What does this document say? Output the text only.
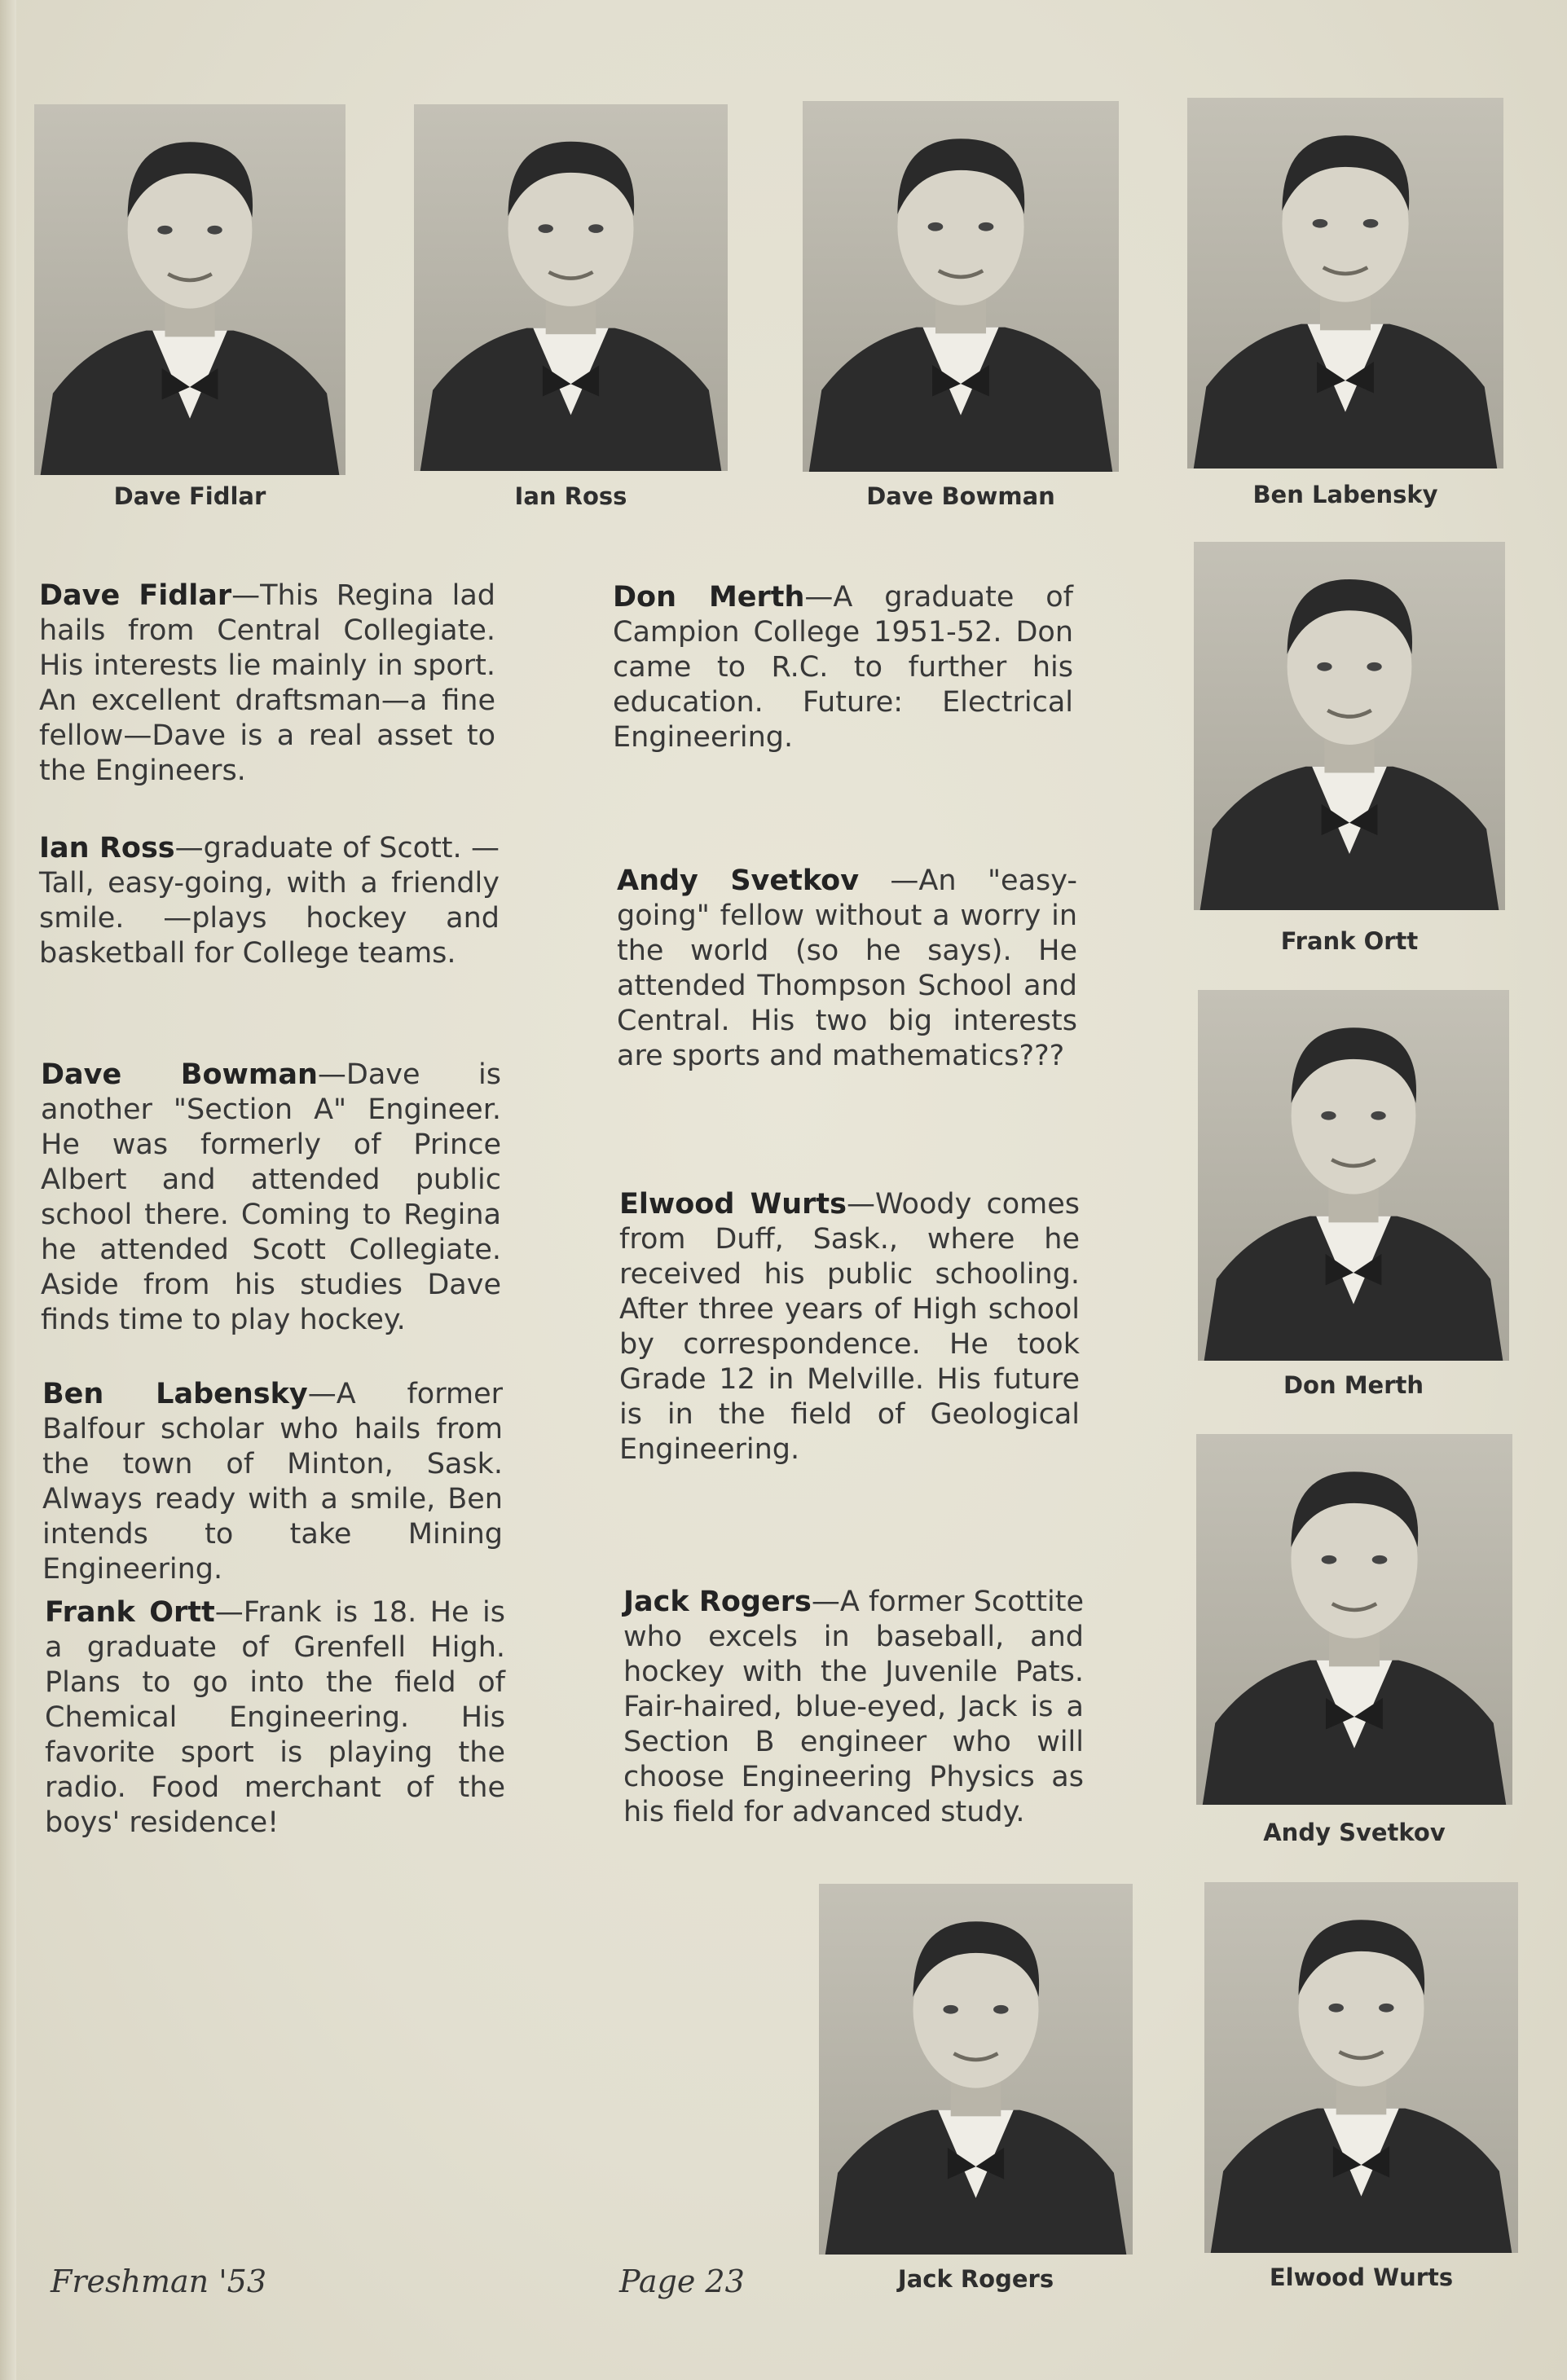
Dave Fidlar	Ian Ross	Dave Bowman	Ben Labensky
Frank Ortt
Don Merth
Andy Svetkov
Jack Rogers	Elwood Wurts

Dave Fidlar—This Regina lad hails from Central Collegiate. His interests lie mainly in sport. An excellent draftsman—a fine fellow—Dave is a real asset to the Engineers.

Ian Ross—graduate of Scott. —Tall, easy-going, with a friendly smile. —plays hockey and basketball for College teams.

Dave Bowman—Dave is another "Section A" Engineer. He was formerly of Prince Albert and attended public school there. Coming to Regina he attended Scott Collegiate. Aside from his studies Dave finds time to play hockey.

Ben Labensky—A former Balfour scholar who hails from the town of Minton, Sask. Always ready with a smile, Ben intends to take Mining Engineering.

Frank Ortt—Frank is 18. He is a graduate of Grenfell High. Plans to go into the field of Chemical Engineering. His favorite sport is playing the radio. Food merchant of the boys' residence!

Don Merth—A graduate of Campion College 1951-52. Don came to R.C. to further his education. Future: Electrical Engineering.

Andy Svetkov —An "easy-going" fellow without a worry in the world (so he says). He attended Thompson School and Central. His two big interests are sports and mathematics???

Elwood Wurts—Woody comes from Duff, Sask., where he received his public schooling. After three years of High school by correspondence. He took Grade 12 in Melville. His future is in the field of Geological Engineering.

Jack Rogers—A former Scottite who excels in baseball, and hockey with the Juvenile Pats. Fair-haired, blue-eyed, Jack is a Section B engineer who will choose Engineering Physics as his field for advanced study.

Freshman '53	Page 23
